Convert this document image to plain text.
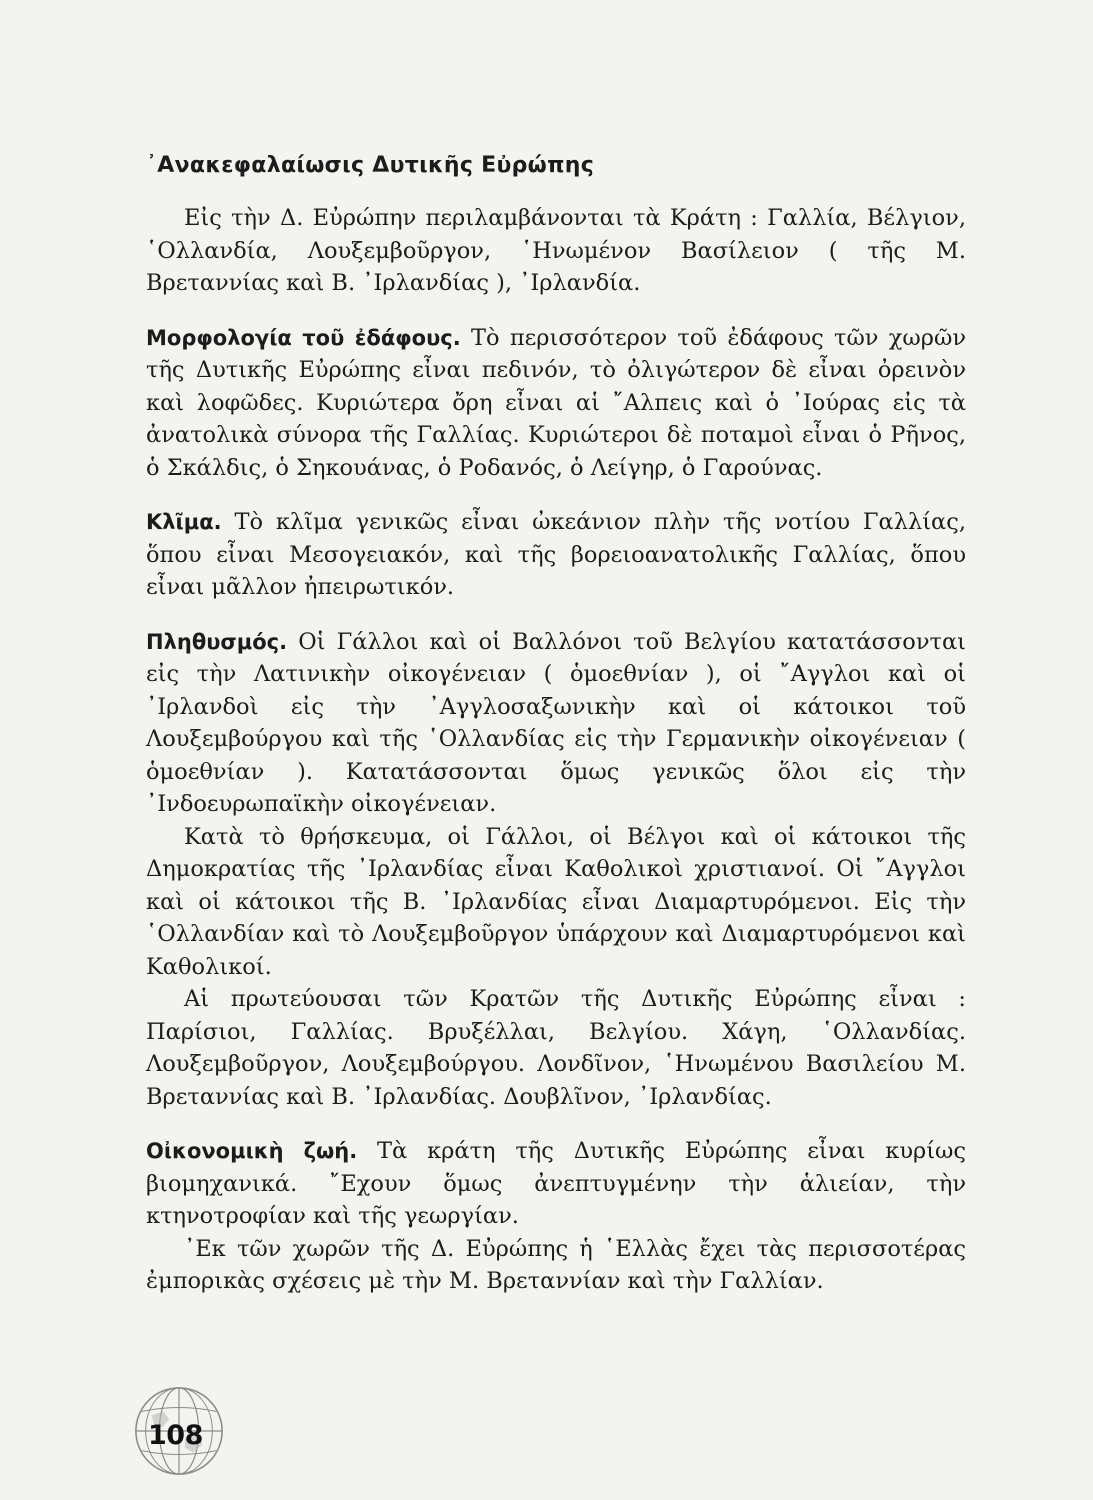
᾿Ανακεφαλαίωσις Δυτικῆς Εὐρώπης

Εἰς τὴν Δ. Εὐρώπην περιλαμβάνονται τὰ Κράτη : Γαλλία, Βέλγιον, ῾Ολλανδία, Λουξεμβοῦργον, ῾Ηνωμένον Βασίλειον ( τῆς Μ. Βρεταννίας καὶ Β. ᾿Ιρλανδίας ), ᾿Ιρλανδία.

Μορφολογία τοῦ ἐδάφους. Τὸ περισσότερον τοῦ ἐδάφους τῶν χωρῶν τῆς Δυτικῆς Εὐρώπης εἶναι πεδινόν, τὸ ὀλιγώτερον δὲ εἶναι ὀρεινὸν καὶ λοφῶδες. Κυριώτερα ὄρη εἶναι αἱ ῎Αλπεις καὶ ὁ ᾿Ιούρας εἰς τὰ ἀνατολικὰ σύνορα τῆς Γαλλίας. Κυριώτεροι δὲ ποταμοὶ εἶναι ὁ Ρῆνος, ὁ Σκάλδις, ὁ Σηκουάνας, ὁ Ροδανός, ὁ Λείγηρ, ὁ Γαρούνας.

Κλῖμα. Τὸ κλῖμα γενικῶς εἶναι ὠκεάνιον πλὴν τῆς νοτίου Γαλλίας, ὅπου εἶναι Μεσογειακόν, καὶ τῆς βορειοανατολικῆς Γαλλίας, ὅπου εἶναι μᾶλλον ἠπειρωτικόν.

Πληθυσμός. Οἱ Γάλλοι καὶ οἱ Βαλλόνοι τοῦ Βελγίου κατατάσσονται εἰς τὴν Λατινικὴν οἰκογένειαν ( ὁμοεθνίαν ), οἱ ῎Αγγλοι καὶ οἱ ᾿Ιρλανδοὶ εἰς τὴν ᾿Αγγλοσαξωνικὴν καὶ οἱ κάτοικοι τοῦ Λουξεμβούργου καὶ τῆς ῾Ολλανδίας εἰς τὴν Γερμανικὴν οἰκογένειαν ( ὁμοεθνίαν ). Κατατάσσονται ὅμως γενικῶς ὅλοι εἰς τὴν ᾿Ινδοευρωπαϊκὴν οἰκογένειαν.

Κατὰ τὸ θρήσκευμα, οἱ Γάλλοι, οἱ Βέλγοι καὶ οἱ κάτοικοι τῆς Δημοκρατίας τῆς ᾿Ιρλανδίας εἶναι Καθολικοὶ χριστιανοί. Οἱ ῎Αγγλοι καὶ οἱ κάτοικοι τῆς Β. ᾿Ιρλανδίας εἶναι Διαμαρτυρόμενοι. Εἰς τὴν ῾Ολλανδίαν καὶ τὸ Λουξεμβοῦργον ὑπάρχουν καὶ Διαμαρτυρόμενοι καὶ Καθολικοί.

Αἱ πρωτεύουσαι τῶν Κρατῶν τῆς Δυτικῆς Εὐρώπης εἶναι : Παρίσιοι, Γαλλίας. Βρυξέλλαι, Βελγίου. Χάγη, ῾Ολλανδίας. Λουξεμβοῦργον, Λουξεμβούργου. Λονδῖνον, ῾Ηνωμένου Βασιλείου Μ. Βρεταννίας καὶ Β. ᾿Ιρλανδίας. Δουβλῖνον, ᾿Ιρλανδίας.

Οἰκονομικὴ ζωή. Τὰ κράτη τῆς Δυτικῆς Εὐρώπης εἶναι κυρίως βιομηχανικά. ῎Εχουν ὅμως ἀνεπτυγμένην τὴν ἁλιείαν, τὴν κτηνοτροφίαν καὶ τῆς γεωργίαν.

᾿Εκ τῶν χωρῶν τῆς Δ. Εὐρώπης ἡ ῾Ελλὰς ἔχει τὰς περισσοτέρας ἐμπορικὰς σχέσεις μὲ τὴν Μ. Βρεταννίαν καὶ τὴν Γαλλίαν.

108
